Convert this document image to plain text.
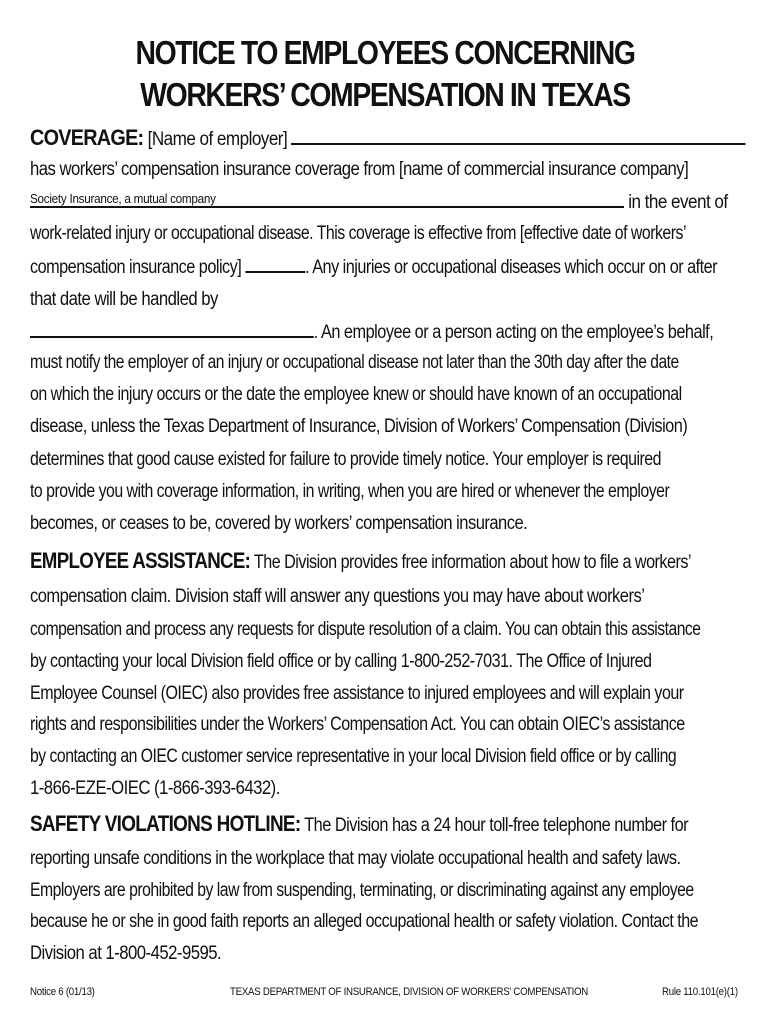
NOTICE TO EMPLOYEES CONCERNING
WORKERS’ COMPENSATION IN TEXAS
COVERAGE: [Name of employer]
has workers’ compensation insurance coverage from [name of commercial insurance company]
Society Insurance, a mutual company	in the event of
work-related injury or occupational disease. This coverage is effective from [effective date of workers’
compensation insurance policy]	. Any injuries or occupational diseases which occur on or after
that date will be handled by
. An employee or a person acting on the employee’s behalf,
must notify the employer of an injury or occupational disease not later than the 30th day after the date
on which the injury occurs or the date the employee knew or should have known of an occupational
disease, unless the Texas Department of Insurance, Division of Workers’ Compensation (Division)
determines that good cause existed for failure to provide timely notice. Your employer is required
to provide you with coverage information, in writing, when you are hired or whenever the employer
becomes, or ceases to be, covered by workers’ compensation insurance.
EMPLOYEE ASSISTANCE: The Division provides free information about how to file a workers’
compensation claim. Division staff will answer any questions you may have about workers’
compensation and process any requests for dispute resolution of a claim. You can obtain this assistance
by contacting your local Division field office or by calling 1-800-252-7031. The Office of Injured
Employee Counsel (OIEC) also provides free assistance to injured employees and will explain your
rights and responsibilities under the Workers’ Compensation Act. You can obtain OIEC’s assistance
by contacting an OIEC customer service representative in your local Division field office or by calling
1-866-EZE-OIEC (1-866-393-6432).
SAFETY VIOLATIONS HOTLINE: The Division has a 24 hour toll-free telephone number for
reporting unsafe conditions in the workplace that may violate occupational health and safety laws.
Employers are prohibited by law from suspending, terminating, or discriminating against any employee
because he or she in good faith reports an alleged occupational health or safety violation. Contact the
Division at 1-800-452-9595.
Notice 6 (01/13)	TEXAS DEPARTMENT OF INSURANCE, DIVISION OF WORKERS' COMPENSATION	Rule 110.101(e)(1)
